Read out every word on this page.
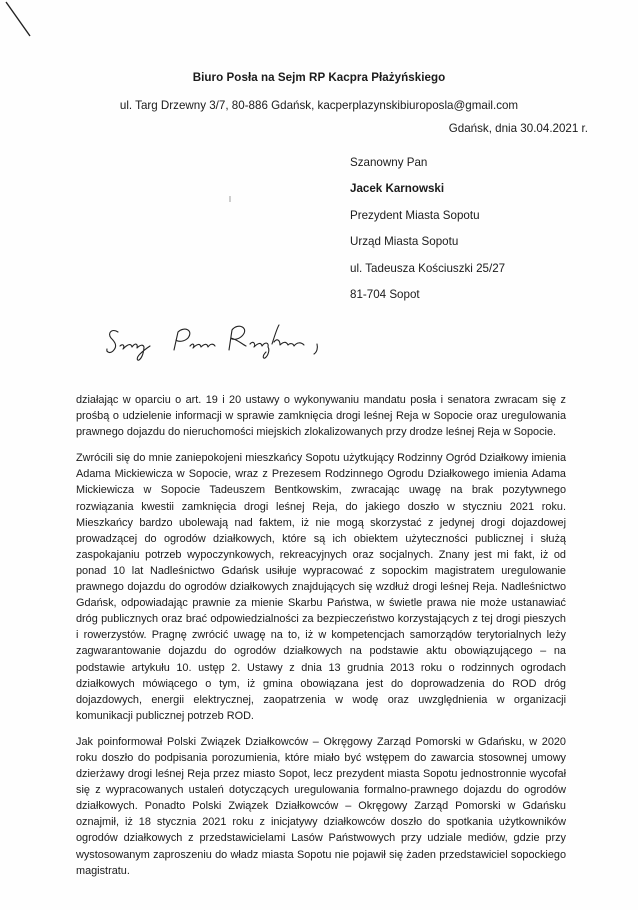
Biuro Posła na Sejm RP Kacpra Płażyńskiego
ul. Targ Drzewny 3/7, 80-886 Gdańsk, kacperplazynskibiuroposla@gmail.com
Gdańsk, dnia 30.04.2021 r.
Szanowny Pan
Jacek Karnowski
Prezydent Miasta Sopotu
Urząd Miasta Sopotu
ul. Tadeusza Kościuszki 25/27
81-704 Sopot

działając w oparciu o art. 19 i 20 ustawy o wykonywaniu mandatu posła i senatora zwracam się z prośbą o udzielenie informacji w sprawie zamknięcia drogi leśnej Reja w Sopocie oraz uregulowania prawnego dojazdu do nieruchomości miejskich zlokalizowanych przy drodze leśnej Reja w Sopocie.

Zwrócili się do mnie zaniepokojeni mieszkańcy Sopotu użytkujący Rodzinny Ogród Działkowy imienia Adama Mickiewicza w Sopocie, wraz z Prezesem Rodzinnego Ogrodu Działkowego imienia Adama Mickiewicza w Sopocie Tadeuszem Bentkowskim, zwracając uwagę na brak pozytywnego rozwiązania kwestii zamknięcia drogi leśnej Reja, do jakiego doszło w styczniu 2021 roku. Mieszkańcy bardzo ubolewają nad faktem, iż nie mogą skorzystać z jedynej drogi dojazdowej prowadzącej do ogrodów działkowych, które są ich obiektem użyteczności publicznej i służą zaspokajaniu potrzeb wypoczynkowych, rekreacyjnych oraz socjalnych. Znany jest mi fakt, iż od ponad 10 lat Nadleśnictwo Gdańsk usiłuje wypracować z sopockim magistratem uregulowanie prawnego dojazdu do ogrodów działkowych znajdujących się wzdłuż drogi leśnej Reja. Nadleśnictwo Gdańsk, odpowiadając prawnie za mienie Skarbu Państwa, w świetle prawa nie może ustanawiać dróg publicznych oraz brać odpowiedzialności za bezpieczeństwo korzystających z tej drogi pieszych i rowerzystów. Pragnę zwrócić uwagę na to, iż w kompetencjach samorządów terytorialnych leży zagwarantowanie dojazdu do ogrodów działkowych na podstawie aktu obowiązującego – na podstawie artykułu 10. ustęp 2. Ustawy z dnia 13 grudnia 2013 roku o rodzinnych ogrodach działkowych mówiącego o tym, iż gmina obowiązana jest do doprowadzenia do ROD dróg dojazdowych, energii elektrycznej, zaopatrzenia w wodę oraz uwzględnienia w organizacji komunikacji publicznej potrzeb ROD.

Jak poinformował Polski Związek Działkowców – Okręgowy Zarząd Pomorski w Gdańsku, w 2020 roku doszło do podpisania porozumienia, które miało być wstępem do zawarcia stosownej umowy dzierżawy drogi leśnej Reja przez miasto Sopot, lecz prezydent miasta Sopotu jednostronnie wycofał się z wypracowanych ustaleń dotyczących uregulowania formalno-prawnego dojazdu do ogrodów działkowych. Ponadto Polski Związek Działkowców – Okręgowy Zarząd Pomorski w Gdańsku oznajmił, iż 18 stycznia 2021 roku z inicjatywy działkowców doszło do spotkania użytkowników ogrodów działkowych z przedstawicielami Lasów Państwowych przy udziale mediów, gdzie przy wystosowanym zaproszeniu do władz miasta Sopotu nie pojawił się żaden przedstawiciel sopockiego magistratu.
